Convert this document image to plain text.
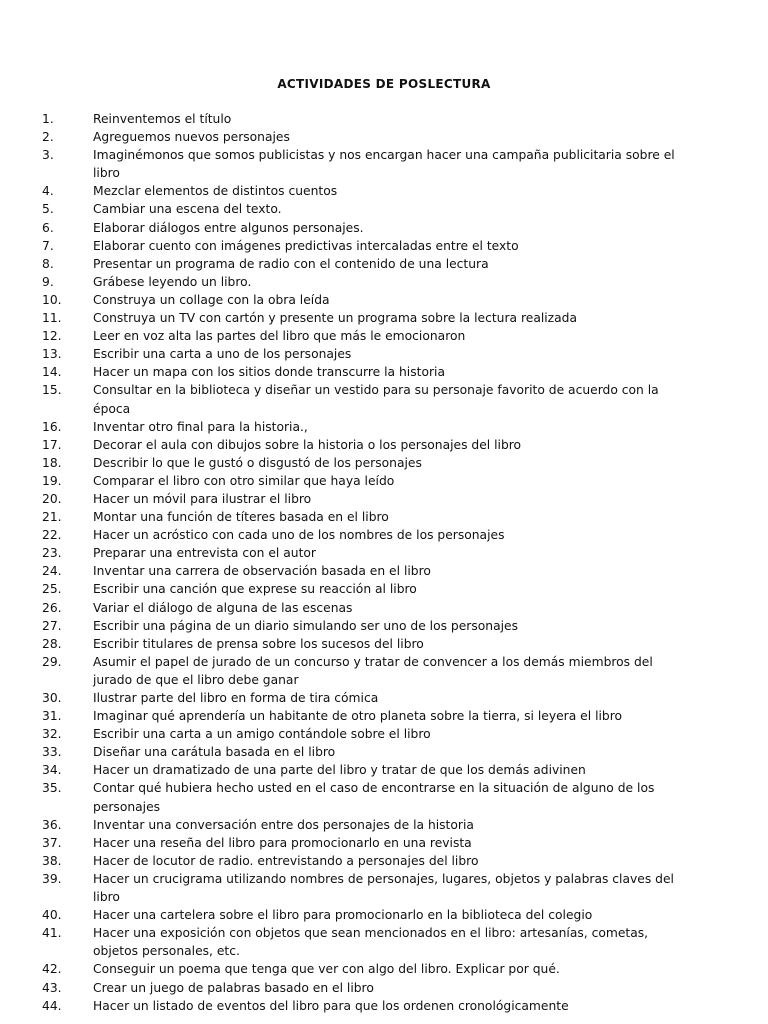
ACTIVIDADES DE POSLECTURA
1.	Reinventemos el título
2.	Agreguemos nuevos personajes
3.	Imaginémonos que somos publicistas y nos encargan hacer una campaña publicitaria sobre el libro
4.	Mezclar elementos de distintos cuentos
5.	Cambiar una escena del texto.
6.	Elaborar diálogos entre algunos personajes.
7.	Elaborar cuento con imágenes predictivas intercaladas entre el texto
8.	Presentar un programa de radio con el contenido de una lectura
9.	Grábese leyendo un libro.
10.	Construya un collage con la obra leída
11.	Construya un TV con cartón y presente un programa sobre la lectura realizada
12.	Leer en voz alta las partes del libro que más le emocionaron
13.	Escribir una carta a uno de los personajes
14.	Hacer un mapa con los sitios donde transcurre la historia
15.	Consultar en la biblioteca y diseñar un vestido para su personaje favorito de acuerdo con la época
16.	Inventar otro final para la historia.,
17.	Decorar el aula con dibujos sobre la historia o los personajes del libro
18.	Describir lo que le gustó o disgustó de los personajes
19.	Comparar el libro con otro similar que haya leído
20.	Hacer un móvil para ilustrar el libro
21.	Montar una función de títeres basada en el libro
22.	Hacer un acróstico con cada uno de los nombres de los personajes
23.	Preparar una entrevista con el autor
24.	Inventar una carrera de observación basada en el libro
25.	Escribir una canción que exprese su reacción al libro
26.	Variar el diálogo de alguna de las escenas
27.	Escribir una página de un diario simulando ser uno de los personajes
28.	Escribir titulares de prensa sobre los sucesos del libro
29.	Asumir el papel de jurado de un concurso y tratar de convencer a los demás miembros del jurado de que el libro debe ganar
30.	Ilustrar parte del libro en forma de tira cómica
31.	Imaginar qué aprendería un habitante de otro planeta sobre la tierra, si leyera el libro
32.	Escribir una carta a un amigo contándole sobre el libro
33.	Diseñar una carátula basada en el libro
34.	Hacer un dramatizado de una parte del libro y tratar de que los demás adivinen
35.	Contar qué hubiera hecho usted en el caso de encontrarse en la situación de alguno de los personajes
36.	Inventar una conversación entre dos personajes de la historia
37.	Hacer una reseña del libro para promocionarlo en una revista
38.	Hacer de locutor de radio. entrevistando a personajes del libro
39.	Hacer un crucigrama utilizando nombres de personajes, lugares, objetos y palabras claves del libro
40.	Hacer una cartelera sobre el libro para promocionarlo en la biblioteca del colegio
41.	Hacer una exposición con objetos que sean mencionados en el libro: artesanías, cometas, objetos personales, etc.
42.	Conseguir un poema que tenga que ver con algo del libro. Explicar por qué.
43.	Crear un juego de palabras basado en el libro
44.	Hacer un listado de eventos del libro para que los ordenen cronológicamente
